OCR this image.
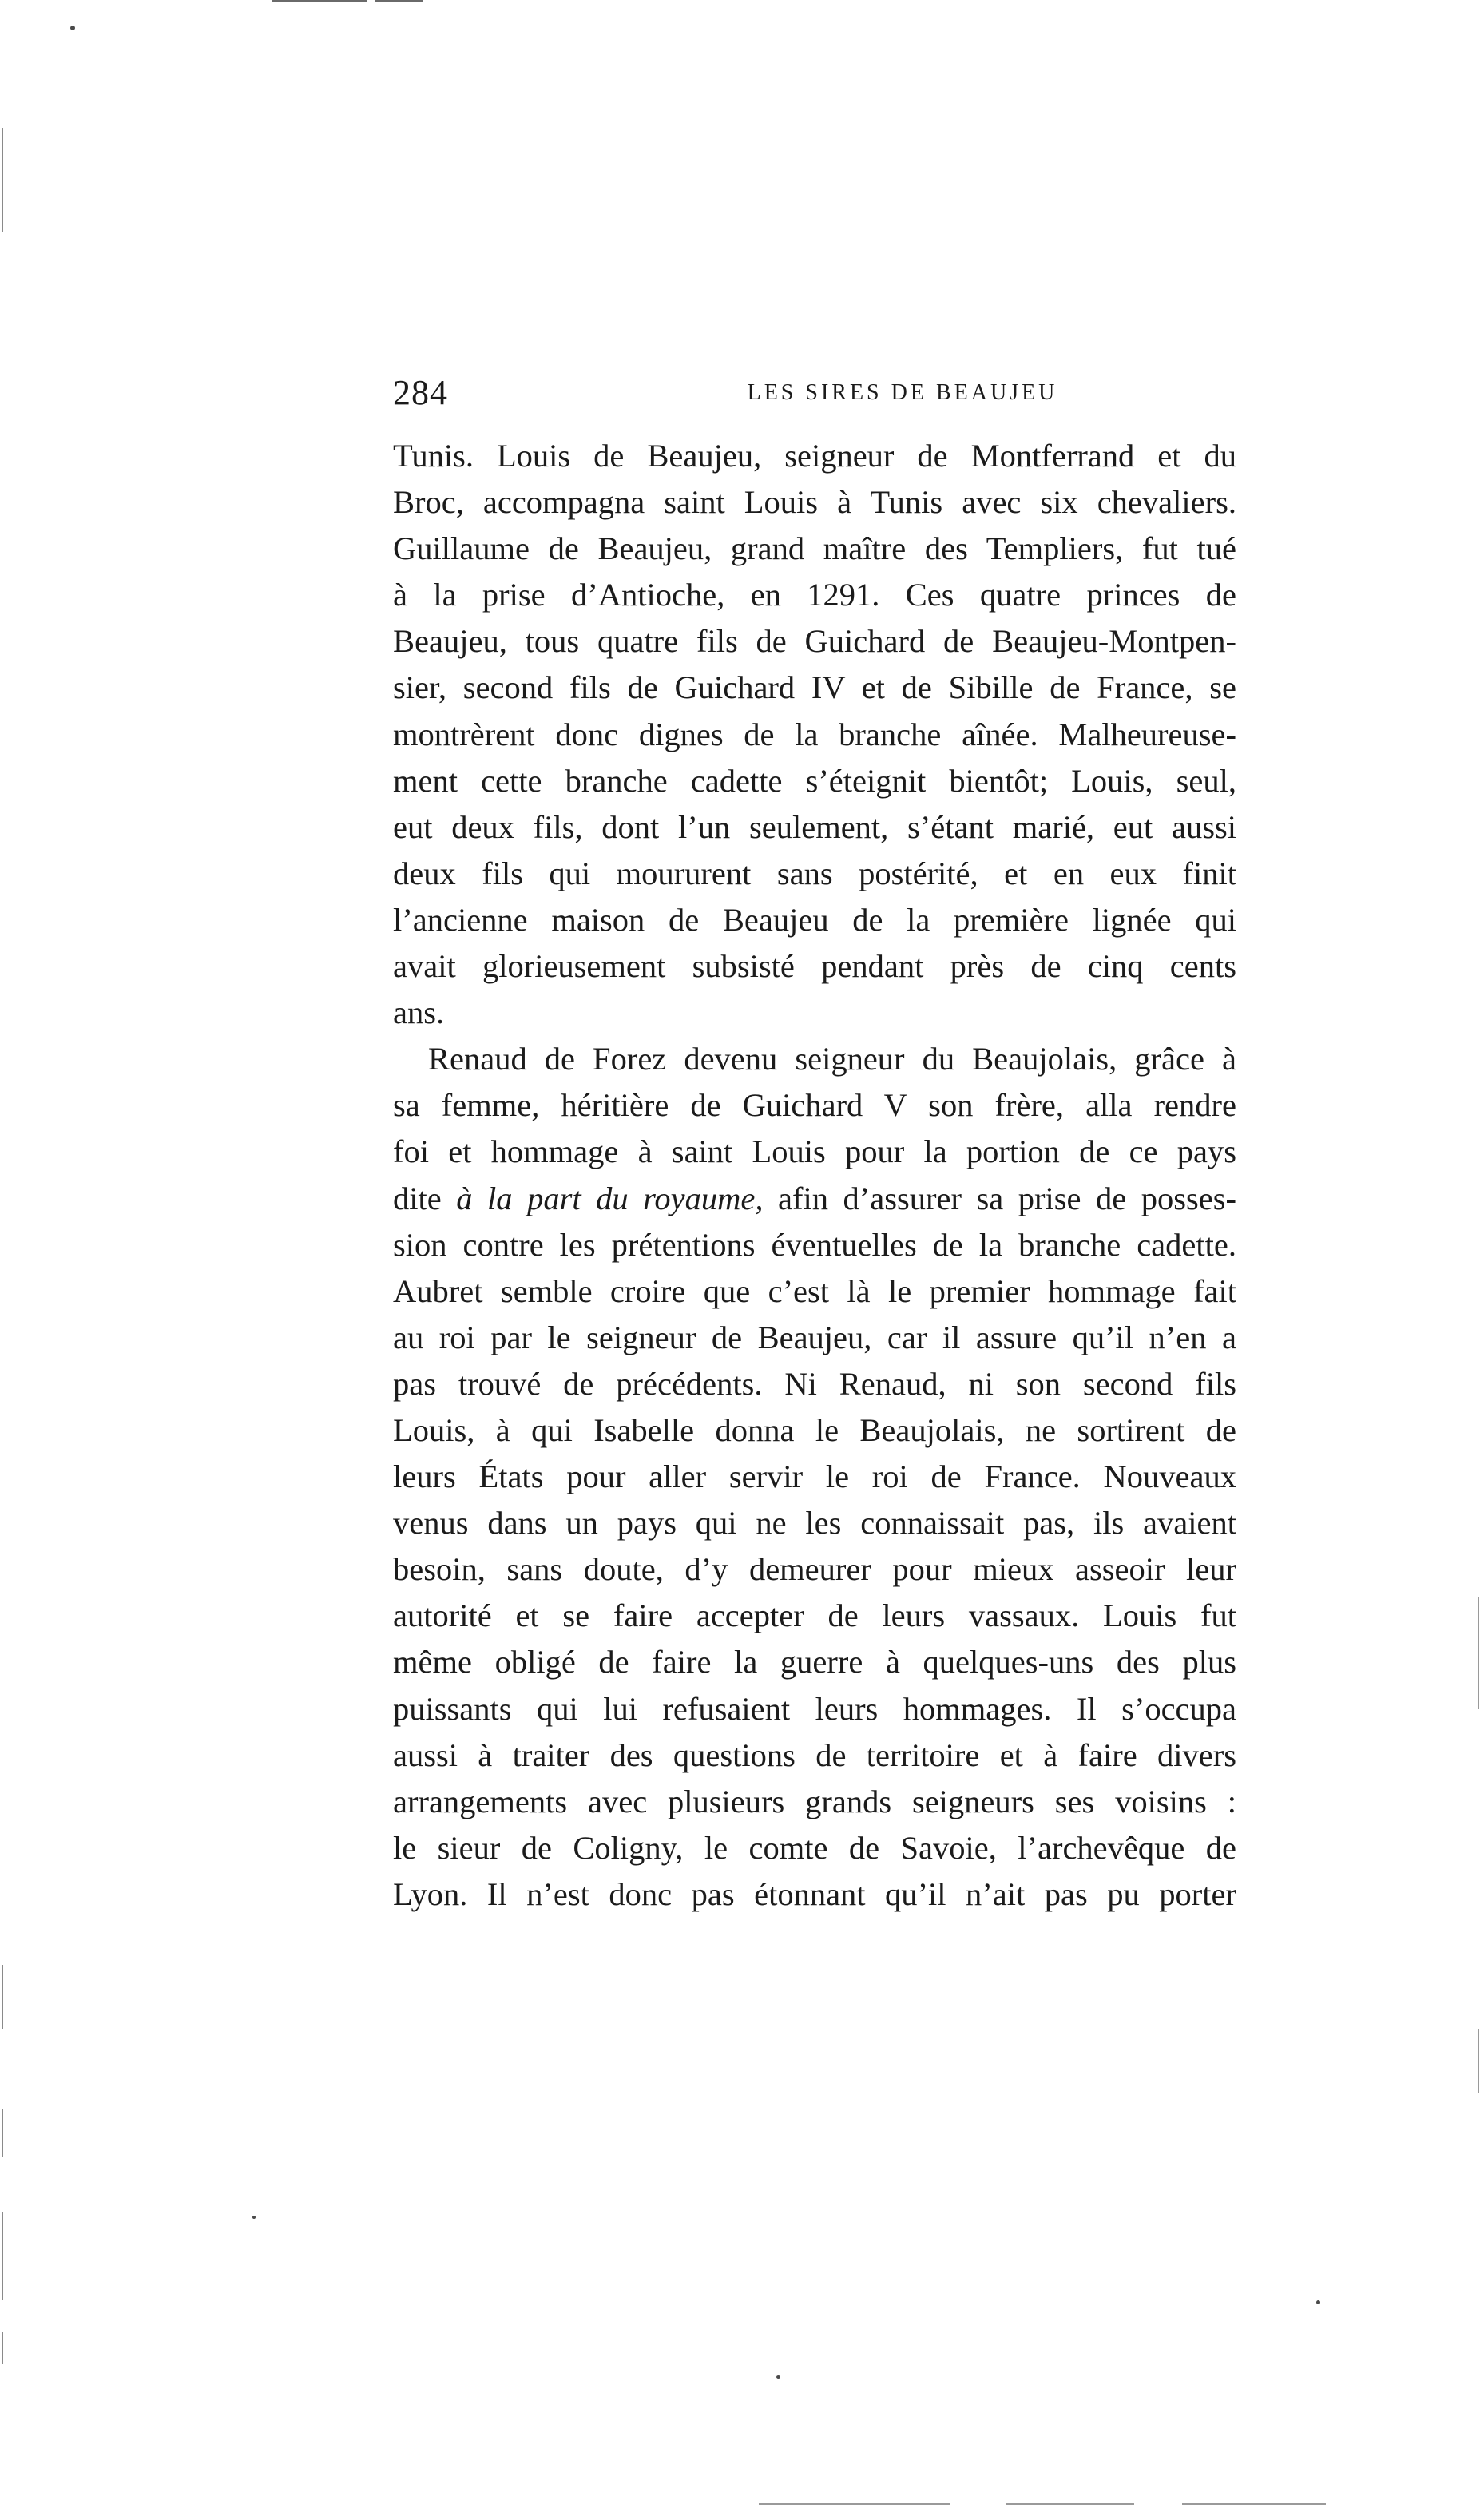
284	LES SIRES DE BEAUJEU

Tunis. Louis de Beaujeu, seigneur de Montferrand et du
Broc, accompagna saint Louis à Tunis avec six chevaliers.
Guillaume de Beaujeu, grand maître des Templiers, fut tué
à la prise d’Antioche, en 1291. Ces quatre princes de
Beaujeu, tous quatre fils de Guichard de Beaujeu-Montpen-
sier, second fils de Guichard IV et de Sibille de France, se
montrèrent donc dignes de la branche aînée. Malheureuse-
ment cette branche cadette s’éteignit bientôt; Louis, seul,
eut deux fils, dont l’un seulement, s’étant marié, eut aussi
deux fils qui moururent sans postérité, et en eux finit
l’ancienne maison de Beaujeu de la première lignée qui
avait glorieusement subsisté pendant près de cinq cents
ans.

Renaud de Forez devenu seigneur du Beaujolais, grâce à
sa femme, héritière de Guichard V son frère, alla rendre
foi et hommage à saint Louis pour la portion de ce pays
dite à la part du royaume, afin d’assurer sa prise de posses-
sion contre les prétentions éventuelles de la branche cadette.
Aubret semble croire que c’est là le premier hommage fait
au roi par le seigneur de Beaujeu, car il assure qu’il n’en a
pas trouvé de précédents. Ni Renaud, ni son second fils
Louis, à qui Isabelle donna le Beaujolais, ne sortirent de
leurs États pour aller servir le roi de France. Nouveaux
venus dans un pays qui ne les connaissait pas, ils avaient
besoin, sans doute, d’y demeurer pour mieux asseoir leur
autorité et se faire accepter de leurs vassaux. Louis fut
même obligé de faire la guerre à quelques-uns des plus
puissants qui lui refusaient leurs hommages. Il s’occupa
aussi à traiter des questions de territoire et à faire divers
arrangements avec plusieurs grands seigneurs ses voisins :
le sieur de Coligny, le comte de Savoie, l’archevêque de
Lyon. Il n’est donc pas étonnant qu’il n’ait pas pu porter
